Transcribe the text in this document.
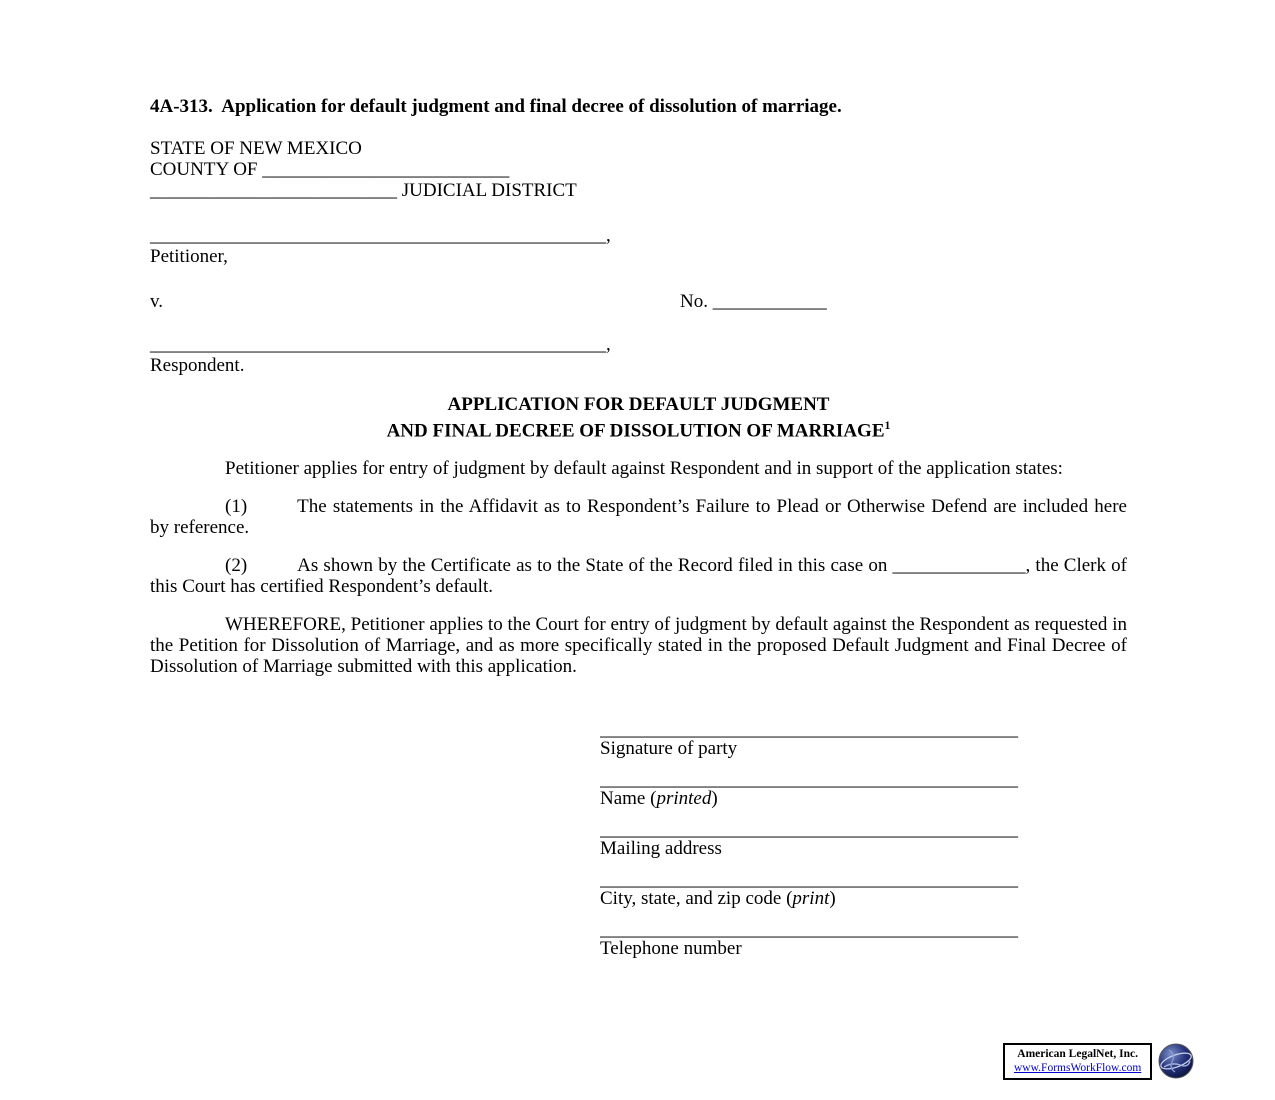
4A-313.  Application for default judgment and final decree of dissolution of marriage.

STATE OF NEW MEXICO

COUNTY OF __________________________

__________________________ JUDICIAL DISTRICT

________________________________________________,

Petitioner,

v.	No. ____________

________________________________________________,

Respondent.

APPLICATION FOR DEFAULT JUDGMENT
AND FINAL DECREE OF DISSOLUTION OF MARRIAGE$^1$

Petitioner applies for entry of judgment by default against Respondent and in support of the application states:

(1)	The statements in the Affidavit as to Respondent’s Failure to Plead or Otherwise Defend are included here by reference.

(2)	As shown by the Certificate as to the State of the Record filed in this case on ______________, the Clerk of this Court has certified Respondent’s default.

WHEREFORE, Petitioner applies to the Court for entry of judgment by default against the Respondent as requested in the Petition for Dissolution of Marriage, and as more specifically stated in the proposed Default Judgment and Final Decree of Dissolution of Marriage submitted with this application.

____________________________________________
Signature of party
____________________________________________
Name (printed)
____________________________________________
Mailing address
____________________________________________
City, state, and zip code (print)
____________________________________________
Telephone number
American LegalNet, Inc.
www.FormsWorkFlow.com
